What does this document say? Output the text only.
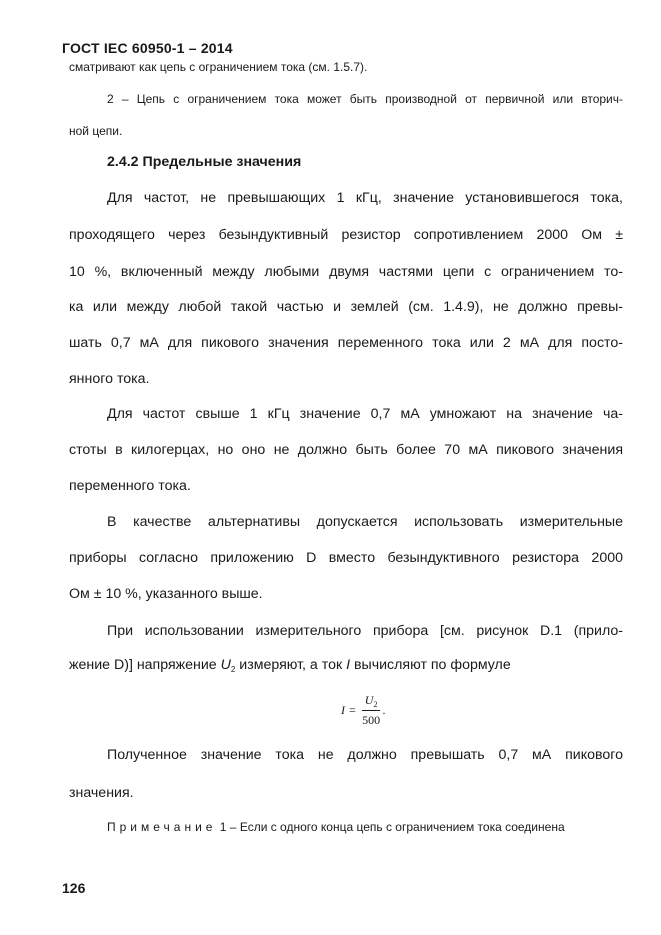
ГОСТ IEC 60950-1 – 2014
сматривают как цепь с ограничением тока (см. 1.5.7).
2 – Цепь с ограничением тока может быть производной от первичной или вторич-
ной цепи.
2.4.2 Предельные значения
Для частот, не превышающих 1 кГц, значение установившегося тока,
проходящего через безындуктивный резистор сопротивлением 2000 Ом ±
10 %, включенный между любыми двумя частями цепи с ограничением то-
ка или между любой такой частью и землей (см. 1.4.9), не должно превы-
шать 0,7 мА для пикового значения переменного тока или 2 мА для посто-
янного тока.
Для частот свыше 1 кГц значение 0,7 мА умножают на значение ча-
стоты в килогерцах, но оно не должно быть более 70 мА пикового значения
переменного тока.
В качестве альтернативы допускается использовать измерительные
приборы согласно приложению D вместо безындуктивного резистора 2000
Ом ± 10 %, указанного выше.
При использовании измерительного прибора [см. рисунок D.1 (прило-
жение D)] напряжение $U_2$ измеряют, а ток I вычисляют по формуле
$I = \frac{U_2}{500}$ .
Полученное значение тока не должно превышать 0,7 мА пикового
значения.
Примечание 1 – Если с одного конца цепь с ограничением тока соединена
126
